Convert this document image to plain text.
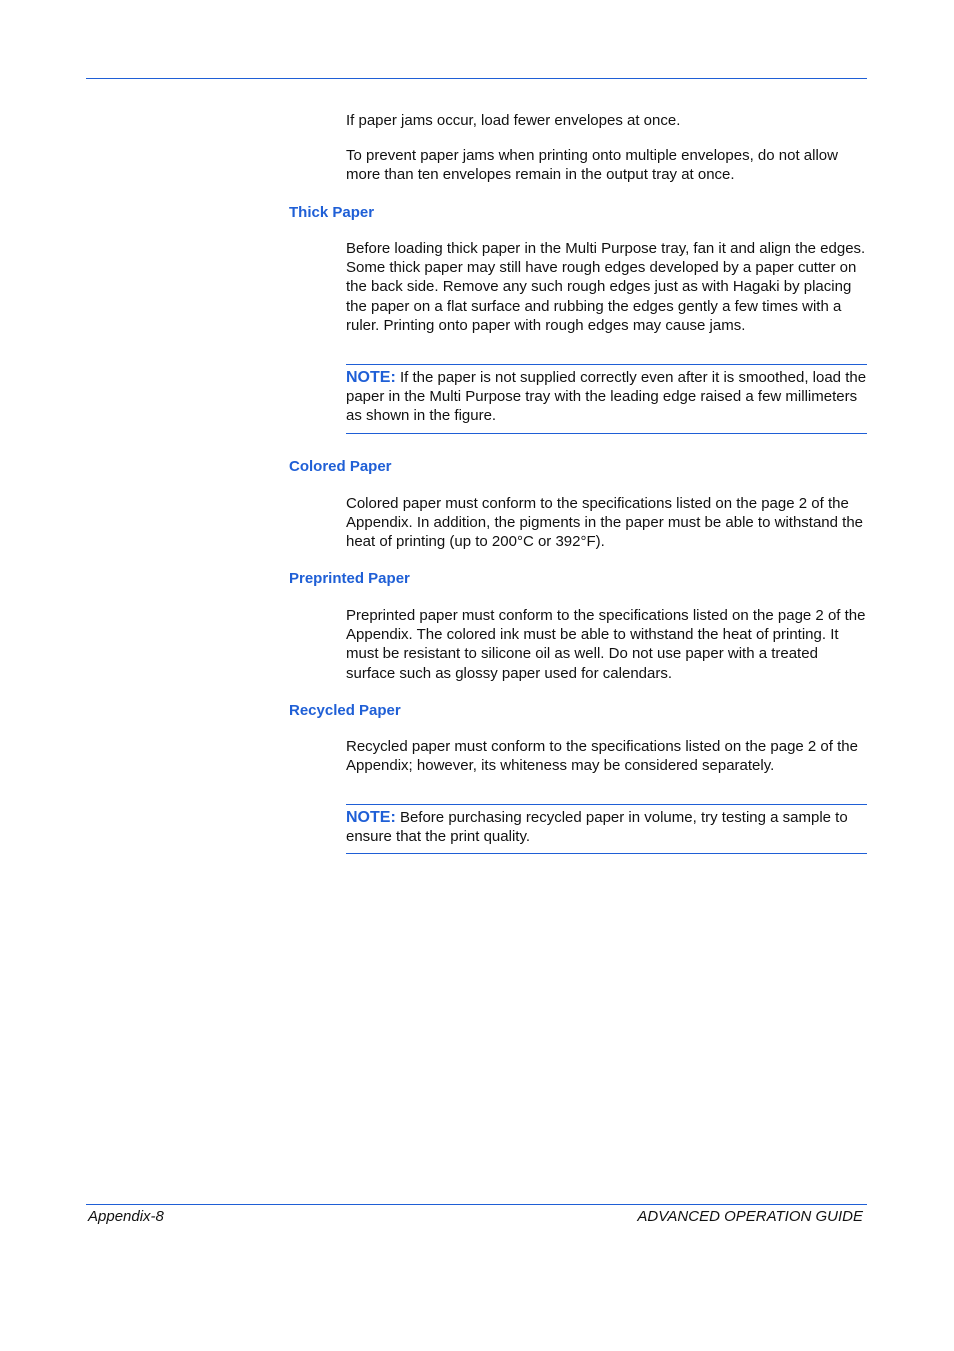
If paper jams occur, load fewer envelopes at once.

To prevent paper jams when printing onto multiple envelopes, do not allow more than ten envelopes remain in the output tray at once.

Thick Paper

Before loading thick paper in the Multi Purpose tray, fan it and align the edges. Some thick paper may still have rough edges developed by a paper cutter on the back side. Remove any such rough edges just as with Hagaki by placing the paper on a flat surface and rubbing the edges gently a few times with a ruler. Printing onto paper with rough edges may cause jams.

NOTE: If the paper is not supplied correctly even after it is smoothed, load the paper in the Multi Purpose tray with the leading edge raised a few millimeters as shown in the figure.
Colored Paper

Colored paper must conform to the specifications listed on the page 2 of the Appendix. In addition, the pigments in the paper must be able to withstand the heat of printing (up to 200°C or 392°F).

Preprinted Paper

Preprinted paper must conform to the specifications listed on the page 2 of the Appendix. The colored ink must be able to withstand the heat of printing. It must be resistant to silicone oil as well. Do not use paper with a treated surface such as glossy paper used for calendars.

Recycled Paper

Recycled paper must conform to the specifications listed on the page 2 of the Appendix; however, its whiteness may be considered separately.

NOTE: Before purchasing recycled paper in volume, try testing a sample to ensure that the print quality.
Appendix-8	ADVANCED OPERATION GUIDE
